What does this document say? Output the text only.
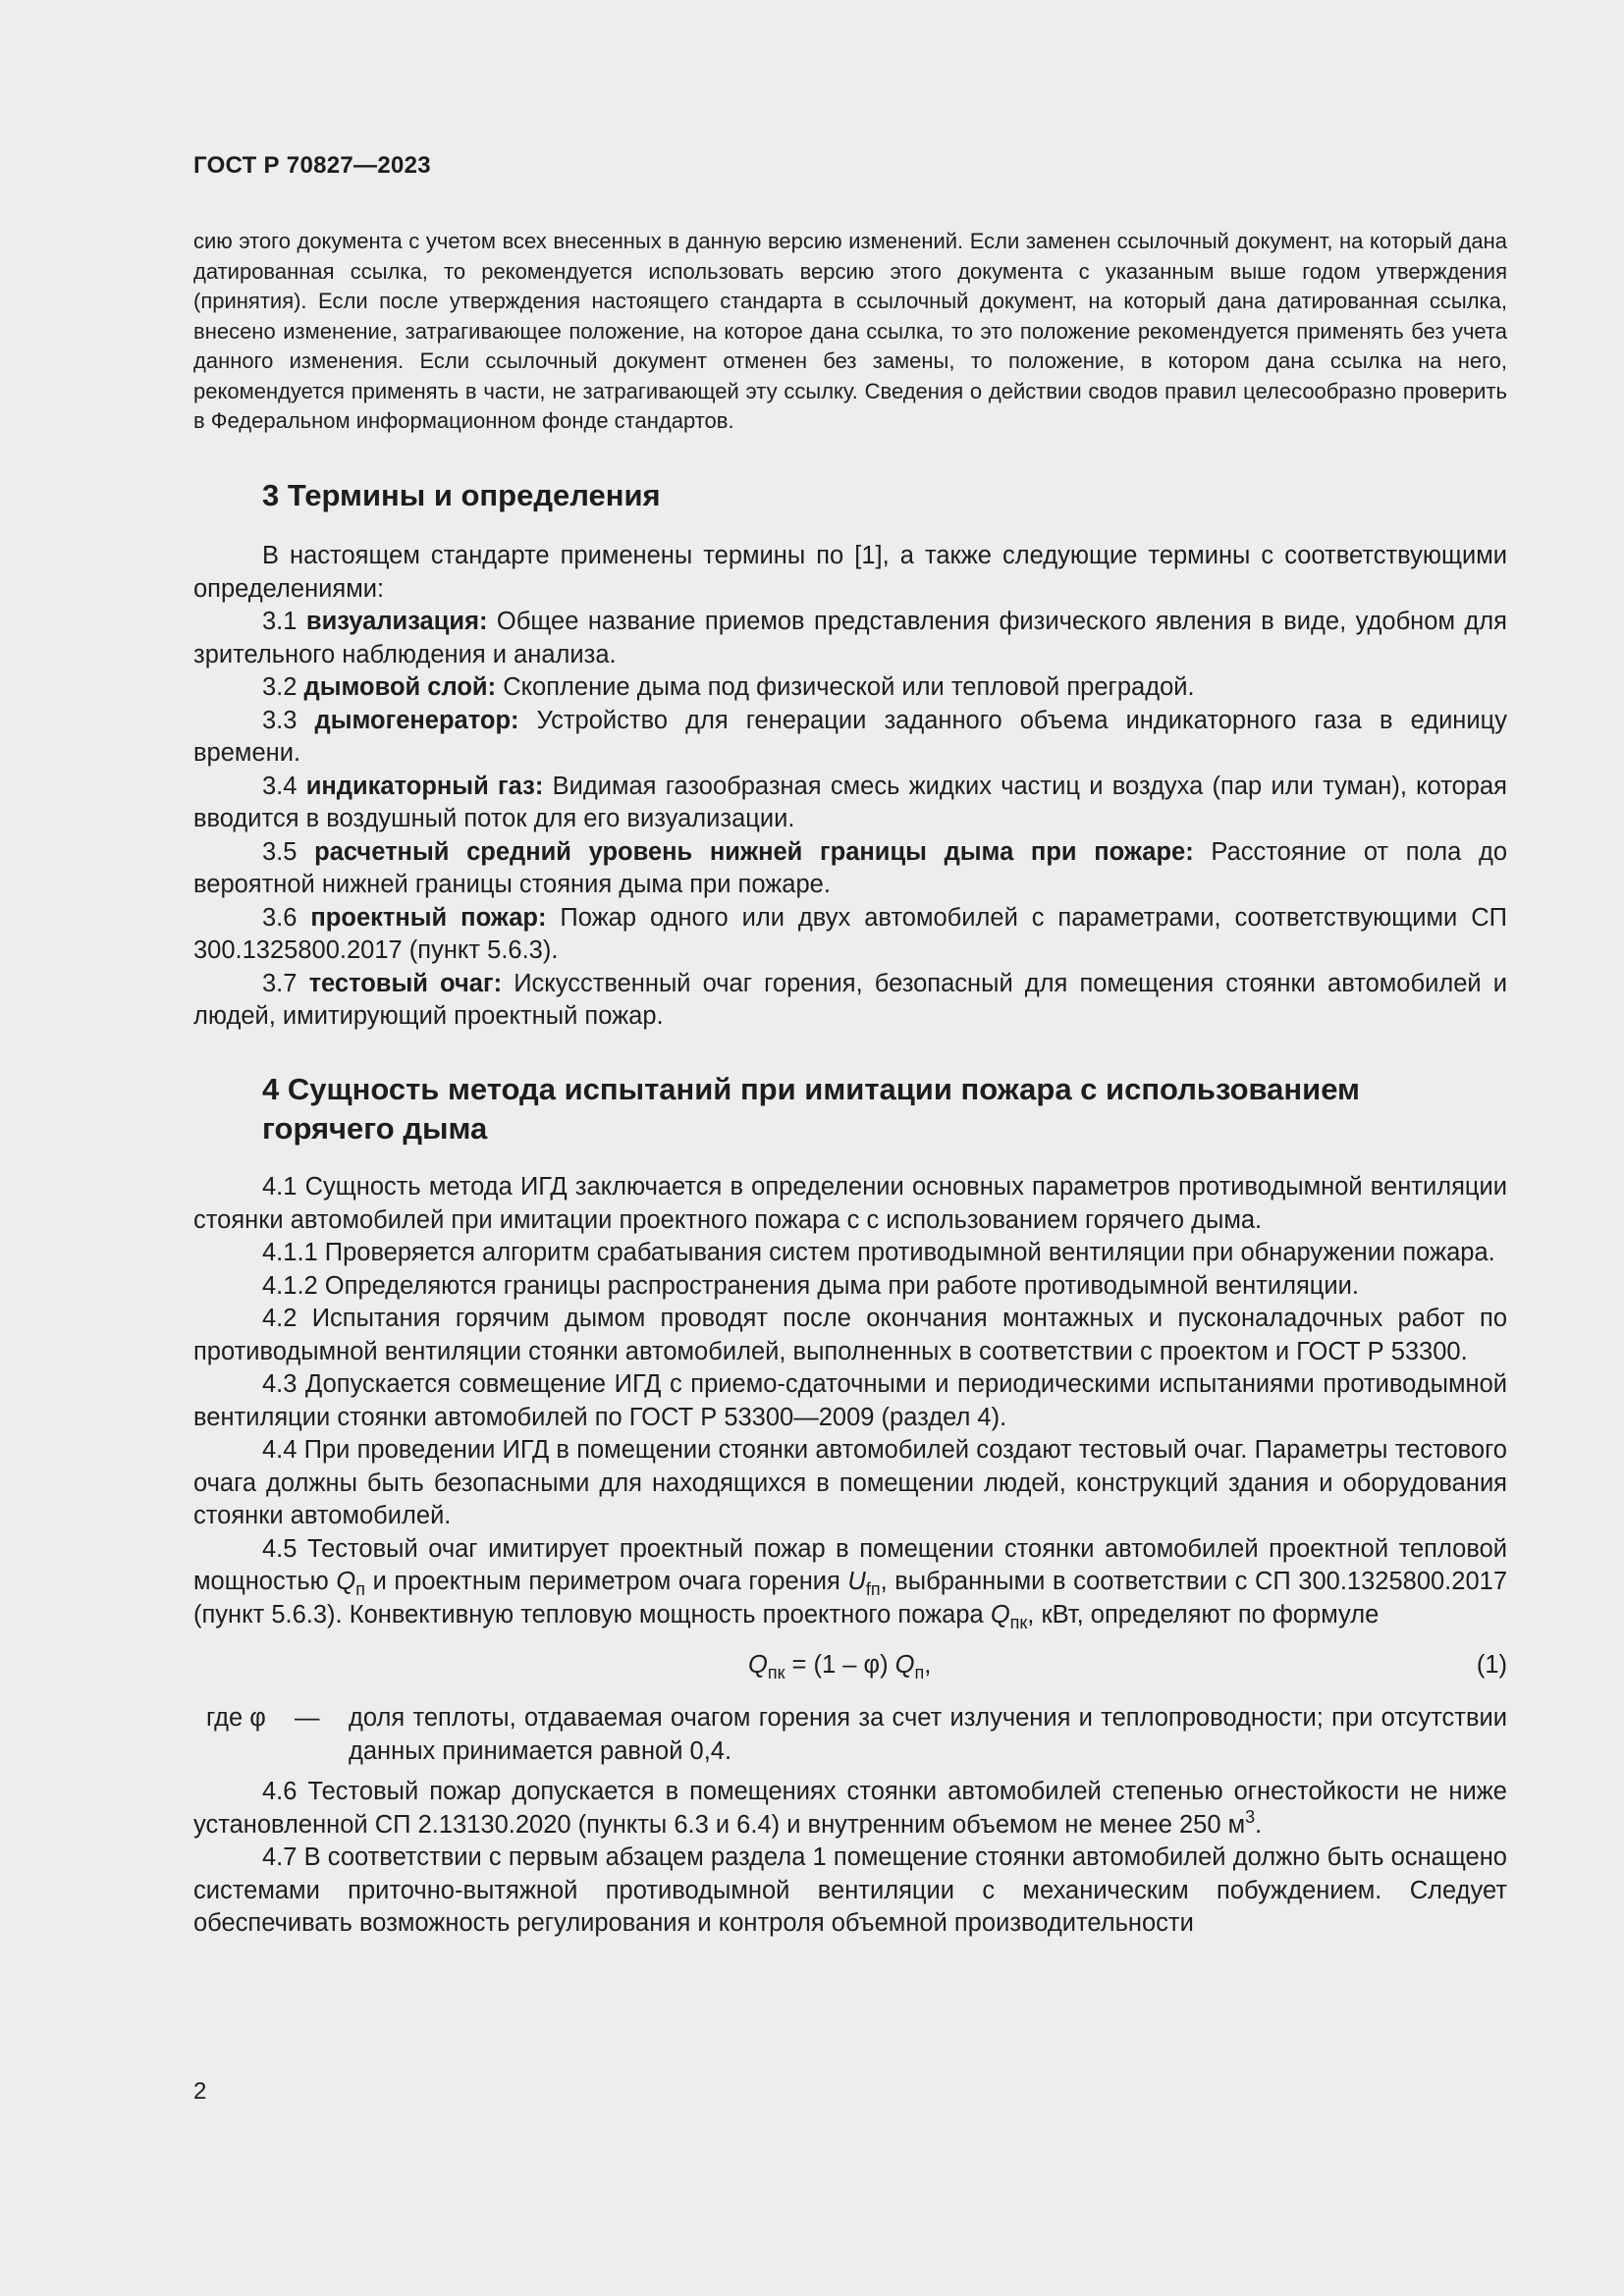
ГОСТ Р 70827—2023
сию этого документа с учетом всех внесенных в данную версию изменений. Если заменен ссылочный документ, на который дана датированная ссылка, то рекомендуется использовать версию этого документа с указанным выше годом утверждения (принятия). Если после утверждения настоящего стандарта в ссылочный документ, на который дана датированная ссылка, внесено изменение, затрагивающее положение, на которое дана ссылка, то это положение рекомендуется применять без учета данного изменения. Если ссылочный документ отменен без замены, то положение, в котором дана ссылка на него, рекомендуется применять в части, не затрагивающей эту ссылку. Сведения о действии сводов правил целесообразно проверить в Федеральном информационном фонде стандартов.
3 Термины и определения

В настоящем стандарте применены термины по [1], а также следующие термины с соответствующими определениями:

3.1 визуализация: Общее название приемов представления физического явления в виде, удобном для зрительного наблюдения и анализа.

3.2 дымовой слой: Скопление дыма под физической или тепловой преградой.

3.3 дымогенератор: Устройство для генерации заданного объема индикаторного газа в единицу времени.

3.4 индикаторный газ: Видимая газообразная смесь жидких частиц и воздуха (пар или туман), которая вводится в воздушный поток для его визуализации.

3.5 расчетный средний уровень нижней границы дыма при пожаре: Расстояние от пола до вероятной нижней границы стояния дыма при пожаре.

3.6 проектный пожар: Пожар одного или двух автомобилей с параметрами, соответствующими СП 300.1325800.2017 (пункт 5.6.3).

3.7 тестовый очаг: Искусственный очаг горения, безопасный для помещения стоянки автомобилей и людей, имитирующий проектный пожар.

4 Сущность метода испытаний при имитации пожара с использованием
горячего дыма

4.1 Сущность метода ИГД заключается в определении основных параметров противодымной вентиляции стоянки автомобилей при имитации проектного пожара с с использованием горячего дыма.

4.1.1 Проверяется алгоритм срабатывания систем противодымной вентиляции при обнаружении пожара.

4.1.2 Определяются границы распространения дыма при работе противодымной вентиляции.

4.2 Испытания горячим дымом проводят после окончания монтажных и пусконаладочных работ по противодымной вентиляции стоянки автомобилей, выполненных в соответствии с проектом и ГОСТ Р 53300.

4.3 Допускается совмещение ИГД с приемо-сдаточными и периодическими испытаниями противодымной вентиляции стоянки автомобилей по ГОСТ Р 53300—2009 (раздел 4).

4.4 При проведении ИГД в помещении стоянки автомобилей создают тестовый очаг. Параметры тестового очага должны быть безопасными для находящихся в помещении людей, конструкций здания и оборудования стоянки автомобилей.

4.5 Тестовый очаг имитирует проектный пожар в помещении стоянки автомобилей проектной тепловой мощностью $Q_п$ и проектным периметром очага горения $U_{fп}$, выбранными в соответствии с СП 300.1325800.2017 (пункт 5.6.3). Конвективную тепловую мощность проектного пожара $Q_{пк}$, кВт, определяют по формуле

$Q_{пк} = (1 - \varphi)$ $Q_п$,	(1)
где φ	—	доля теплоты, отдаваемая очагом горения за счет излучения и теплопроводности; при отсутствии данных принимается равной 0,4.

4.6 Тестовый пожар допускается в помещениях стоянки автомобилей степенью огнестойкости не ниже установленной СП 2.13130.2020 (пункты 6.3 и 6.4) и внутренним объемом не менее 250 $м^3$.

4.7 В соответствии с первым абзацем раздела 1 помещение стоянки автомобилей должно быть оснащено системами приточно-вытяжной противодымной вентиляции с механическим побуждением. Следует обеспечивать возможность регулирования и контроля объемной производительности

2
